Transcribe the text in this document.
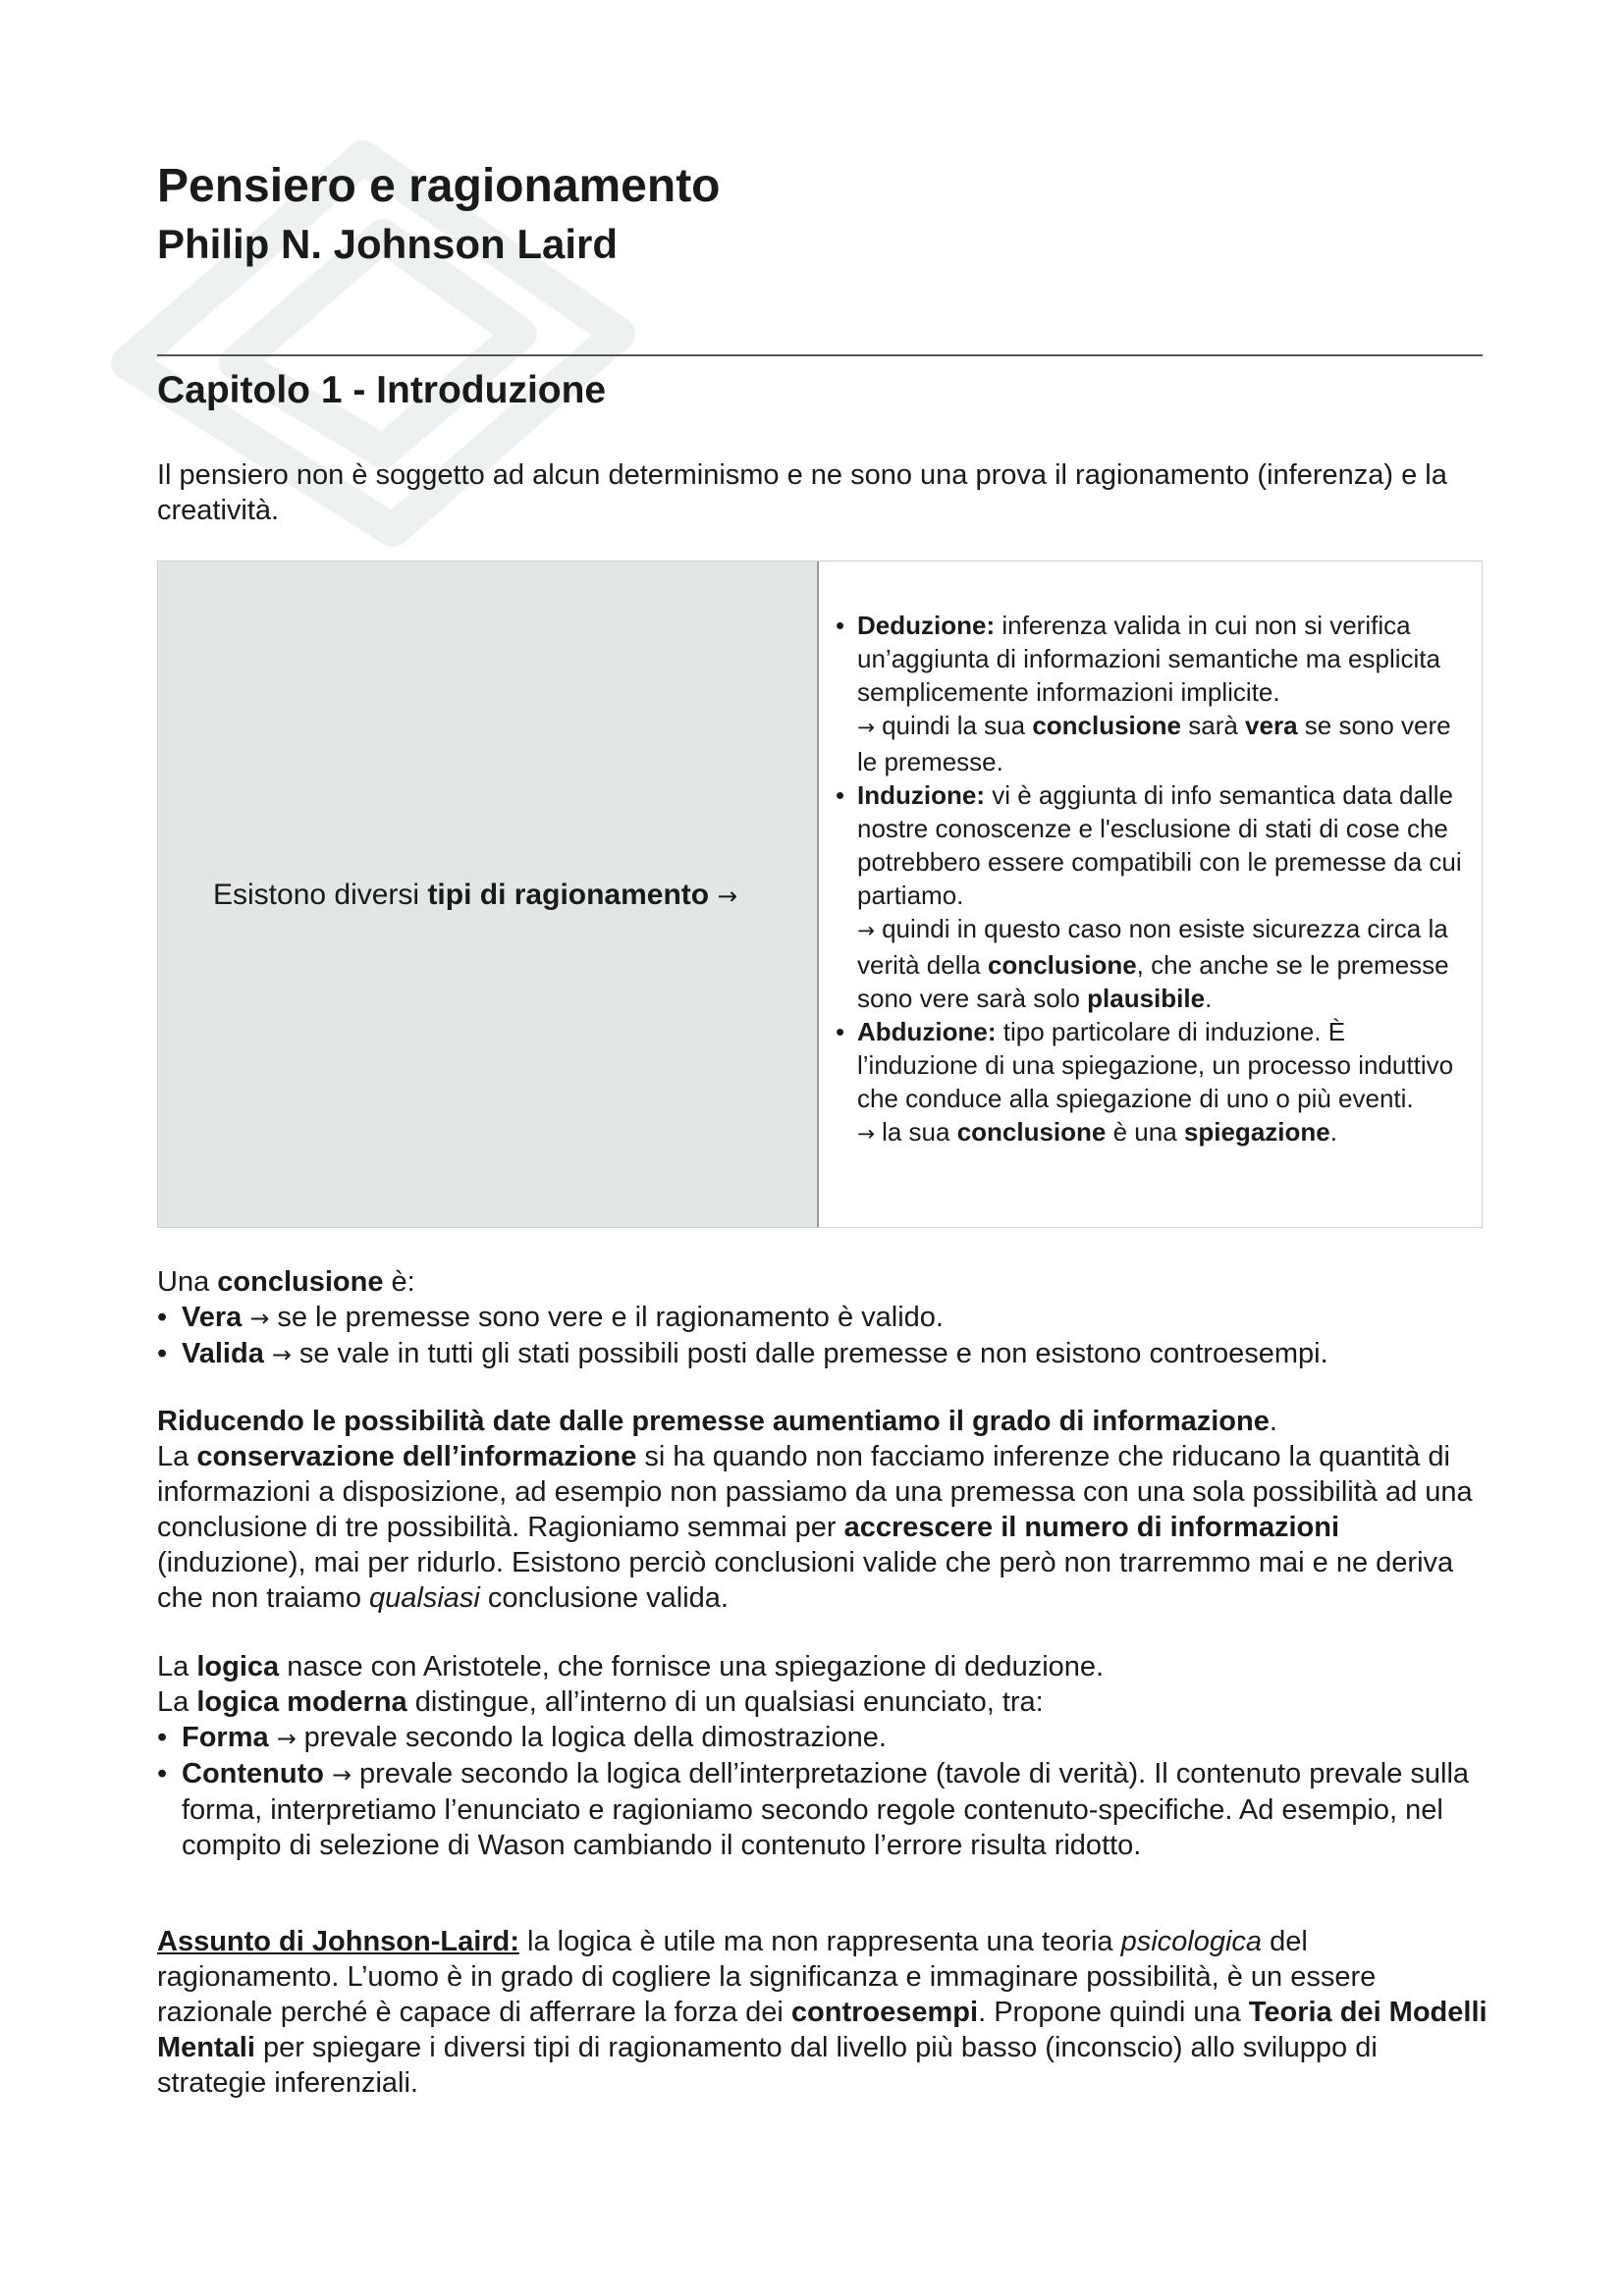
Pensiero e ragionamento
Philip N. Johnson Laird
Capitolo 1 - Introduzione

Il pensiero non è soggetto ad alcun determinismo e ne sono una prova il ragionamento (inferenza) e la creatività.

Esistono diversi tipi di ragionamento →
• Deduzione: inferenza valida in cui non si verifica un’aggiunta di informazioni semantiche ma esplicita semplicemente informazioni implicite.
→ quindi la sua conclusione sarà vera se sono vere le premesse.
• Induzione: vi è aggiunta di info semantica data dalle nostre conoscenze e l'esclusione di stati di cose che potrebbero essere compatibili con le premesse da cui partiamo.
→ quindi in questo caso non esiste sicurezza circa la verità della conclusione, che anche se le premesse sono vere sarà solo plausibile.
• Abduzione: tipo particolare di induzione. È l’induzione di una spiegazione, un processo induttivo che conduce alla spiegazione di uno o più eventi.
→ la sua conclusione è una spiegazione.

Una conclusione è:

• Vera → se le premesse sono vere e il ragionamento è valido.
• Valida → se vale in tutti gli stati possibili posti dalle premesse e non esistono controesempi.

Riducendo le possibilità date dalle premesse aumentiamo il grado di informazione.
La conservazione dell’informazione si ha quando non facciamo inferenze che riducano la quantità di informazioni a disposizione, ad esempio non passiamo da una premessa con una sola possibilità ad una conclusione di tre possibilità. Ragioniamo semmai per accrescere il numero di informazioni (induzione), mai per ridurlo. Esistono perciò conclusioni valide che però non trarremmo mai e ne deriva che non traiamo qualsiasi conclusione valida.

La logica nasce con Aristotele, che fornisce una spiegazione di deduzione.

La logica moderna distingue, all’interno di un qualsiasi enunciato, tra:

• Forma → prevale secondo la logica della dimostrazione.
• Contenuto → prevale secondo la logica dell’interpretazione (tavole di verità). Il contenuto prevale sulla forma, interpretiamo l’enunciato e ragioniamo secondo regole contenuto-specifiche. Ad esempio, nel compito di selezione di Wason cambiando il contenuto l’errore risulta ridotto.

Assunto di Johnson-Laird: la logica è utile ma non rappresenta una teoria psicologica del ragionamento. L’uomo è in grado di cogliere la significanza e immaginare possibilità, è un essere razionale perché è capace di afferrare la forza dei controesempi. Propone quindi una Teoria dei Modelli Mentali per spiegare i diversi tipi di ragionamento dal livello più basso (inconscio) allo sviluppo di strategie inferenziali.
